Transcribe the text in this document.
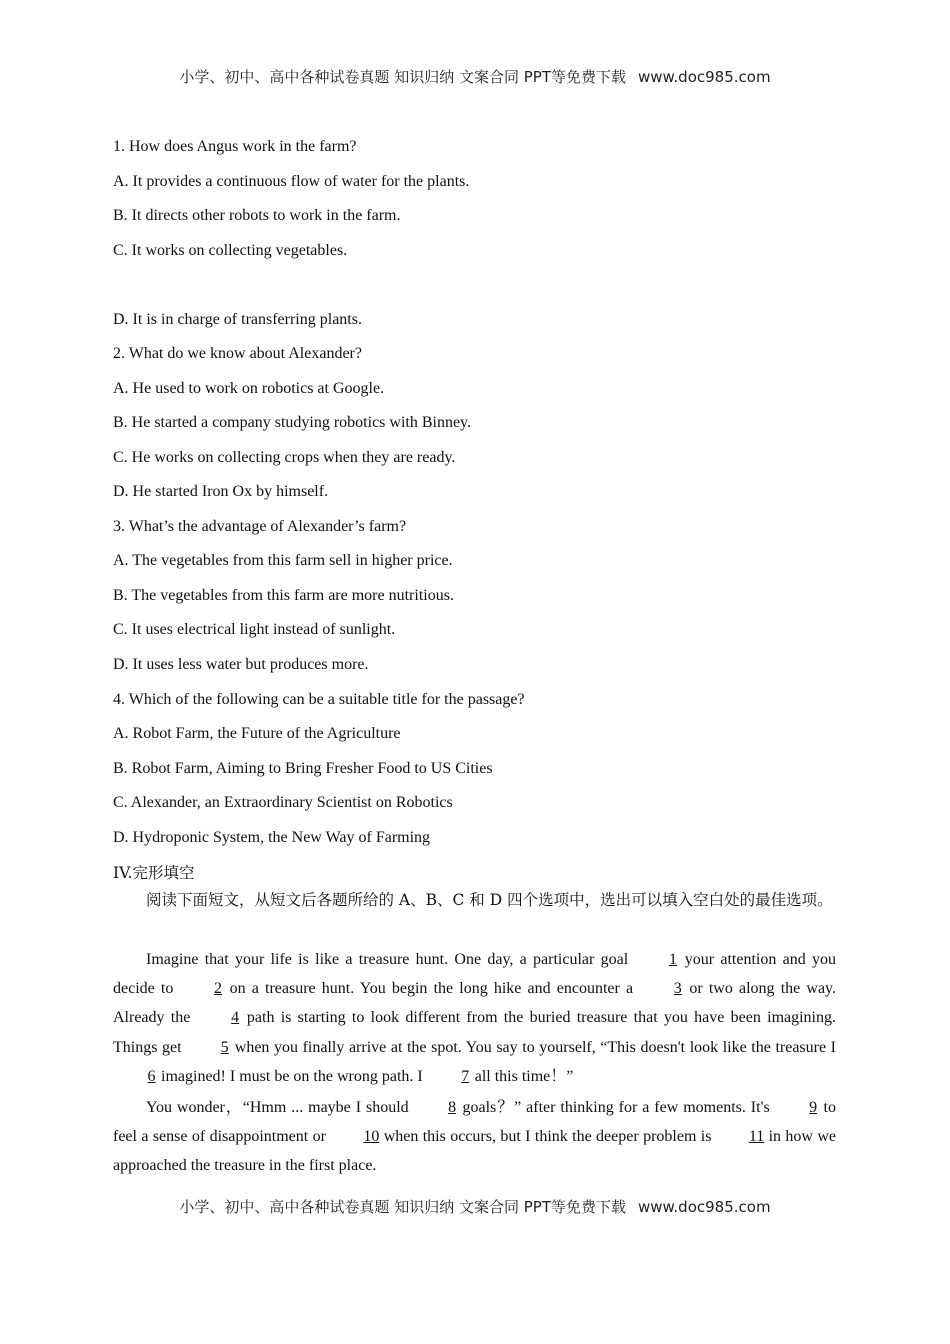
小学、初中、高中各种试卷真题 知识归纳 文案合同 PPT等免费下载 www.doc985.com
1. How does Angus work in the farm?
A. It provides a continuous flow of water for the plants.
B. It directs other robots to work in the farm.
C. It works on collecting vegetables.
D. It is in charge of transferring plants.
2. What do we know about Alexander?
A. He used to work on robotics at Google.
B. He started a company studying robotics with Binney.
C. He works on collecting crops when they are ready.
D. He started Iron Ox by himself.
3. What’s the advantage of Alexander’s farm?
A. The vegetables from this farm sell in higher price.
B. The vegetables from this farm are more nutritious.
C. It uses electrical light instead of sunlight.
D. It uses less water but produces more.
4. Which of the following can be a suitable title for the passage?
A. Robot Farm, the Future of the Agriculture
B. Robot Farm, Aiming to Bring Fresher Food to US Cities
C. Alexander, an Extraordinary Scientist on Robotics
D. Hydroponic System, the New Way of Farming
IV.完形填空
阅读下面短文，从短文后各题所给的 A、B、C 和 D 四个选项中，选出可以填入空白处的最佳选项。
Imagine that your life is like a treasure hunt. One day, a particular goal 1 your attention and you decide to 2 on a treasure hunt. You begin the long hike and encounter a 3 or two along the way. Already the 4 path is starting to look different from the buried treasure that you have been imagining. Things get 5 when you finally arrive at the spot. You say to yourself, “This doesn't look like the treasure I 6 imagined! I must be on the wrong path. I 7 all this time！”
You wonder，“Hmm ... maybe I should 8 goals？” after thinking for a few moments. It's 9 to feel a sense of disappointment or 10 when this occurs, but I think the deeper problem is 11 in how we approached the treasure in the first place.
小学、初中、高中各种试卷真题 知识归纳 文案合同 PPT等免费下载 www.doc985.com
